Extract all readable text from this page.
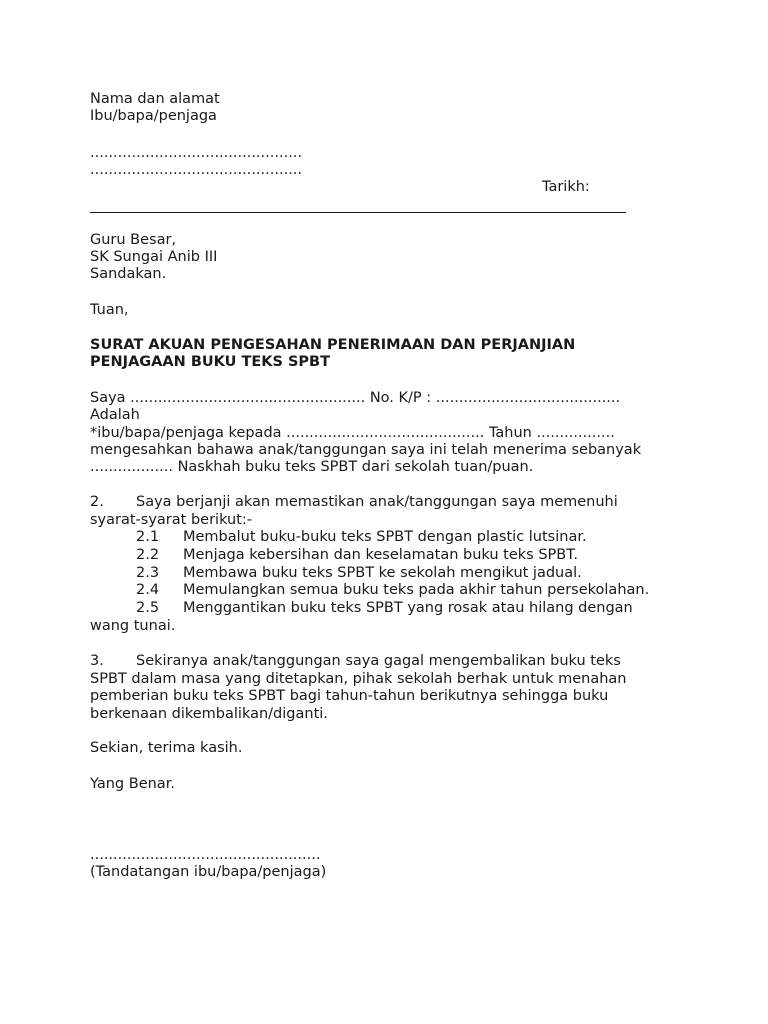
Nama dan alamat
Ibu/bapa/penjaga
..............................................
..............................................
Tarikh:
Guru Besar,
SK Sungai Anib III
Sandakan.
Tuan,
SURAT AKUAN PENGESAHAN PENERIMAAN DAN PERJANJIAN
PENJAGAAN BUKU TEKS SPBT
Saya ................................................... No. K/P : ........................................
Adalah
*ibu/bapa/penjaga kepada ........................................... Tahun .................
mengesahkan bahawa anak/tanggungan saya ini telah menerima sebanyak
.................. Naskhah buku teks SPBT dari sekolah tuan/puan.
2. Saya berjanji akan memastikan anak/tanggungan saya memenuhi
syarat-syarat berikut:-
2.1 Membalut buku-buku teks SPBT dengan plastic lutsinar.
2.2 Menjaga kebersihan dan keselamatan buku teks SPBT.
2.3 Membawa buku teks SPBT ke sekolah mengikut jadual.
2.4 Memulangkan semua buku teks pada akhir tahun persekolahan.
2.5 Menggantikan buku teks SPBT yang rosak atau hilang dengan
wang tunai.
3. Sekiranya anak/tanggungan saya gagal mengembalikan buku teks
SPBT dalam masa yang ditetapkan, pihak sekolah berhak untuk menahan
pemberian buku teks SPBT bagi tahun-tahun berikutnya sehingga buku
berkenaan dikembalikan/diganti.
Sekian, terima kasih.
Yang Benar.
..................................................
(Tandatangan ibu/bapa/penjaga)
